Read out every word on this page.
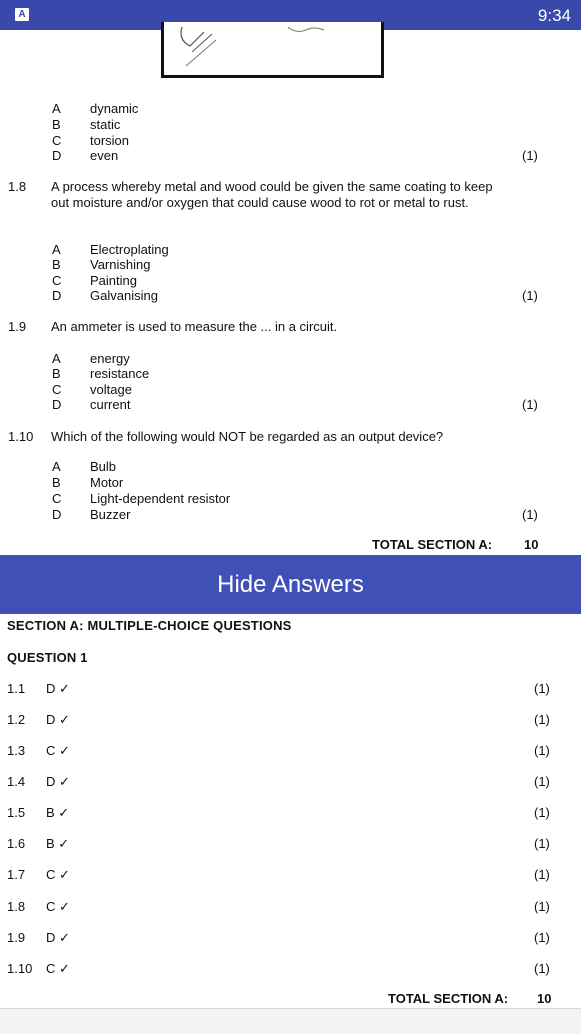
A	9:34
A dynamic
B static
C torsion
D even	(1)
1.8 A process whereby metal and wood could be given the same coating to keep out moisture and/or oxygen that could cause wood to rot or metal to rust.
A Electroplating
B Varnishing
C Painting
D Galvanising	(1)
1.9 An ammeter is used to measure the ... in a circuit.
A energy
B resistance
C voltage
D current	(1)
1.10 Which of the following would NOT be regarded as an output device?
A Bulb
B Motor
C Light-dependent resistor
D Buzzer	(1)
TOTAL SECTION A: 10
Hide Answers
SECTION A: MULTIPLE-CHOICE QUESTIONS
QUESTION 1
1.1 D ✓	(1)
1.2 D ✓	(1)
1.3 C ✓	(1)
1.4 D ✓	(1)
1.5 B ✓	(1)
1.6 B ✓	(1)
1.7 C ✓	(1)
1.8 C ✓	(1)
1.9 D ✓	(1)
1.10 C ✓	(1)
TOTAL SECTION A: 10
